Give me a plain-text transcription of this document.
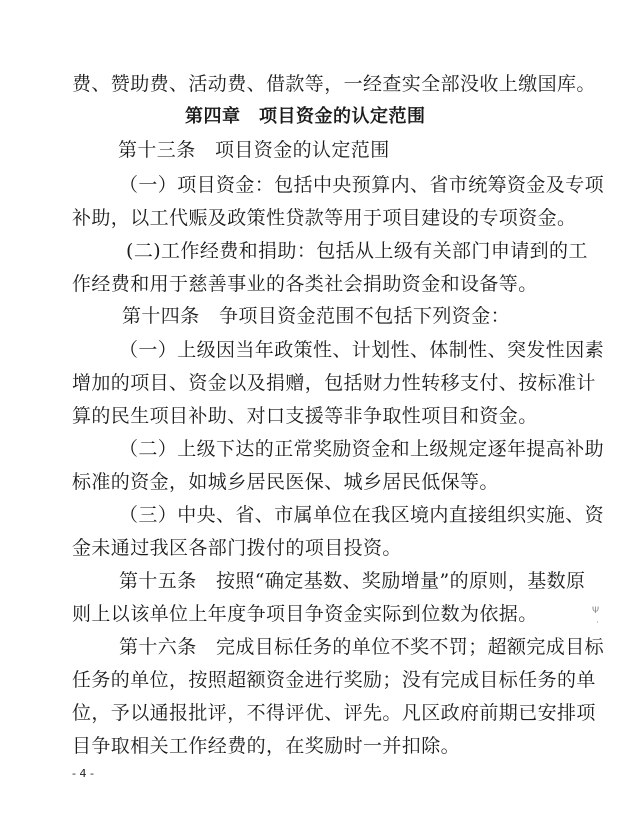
费、赞助费、活动费、借款等，一经查实全部没收上缴国库。
第四章　项目资金的认定范围
第十三条　项目资金的认定范围
（一）项目资金：包括中央预算内、省市统筹资金及专项
补助，以工代赈及政策性贷款等用于项目建设的专项资金。
(二)工作经费和捐助：包括从上级有关部门申请到的工
作经费和用于慈善事业的各类社会捐助资金和设备等。
第十四条　争项目资金范围不包括下列资金：
（一）上级因当年政策性、计划性、体制性、突发性因素
增加的项目、资金以及捐赠，包括财力性转移支付、按标准计
算的民生项目补助、对口支援等非争取性项目和资金。
（二）上级下达的正常奖励资金和上级规定逐年提高补助
标准的资金，如城乡居民医保、城乡居民低保等。
（三）中央、省、市属单位在我区境内直接组织实施、资
金未通过我区各部门拨付的项目投资。
第十五条　按照“确定基数、奖励增量”的原则，基数原
则上以该单位上年度争项目争资金实际到位数为依据。
第十六条　完成目标任务的单位不奖不罚；超额完成目标
任务的单位，按照超额资金进行奖励；没有完成目标任务的单
位，予以通报批评，不得评优、评先。凡区政府前期已安排项
目争取相关工作经费的，在奖励时一并扣除。
- 4 -
Ψ
·
